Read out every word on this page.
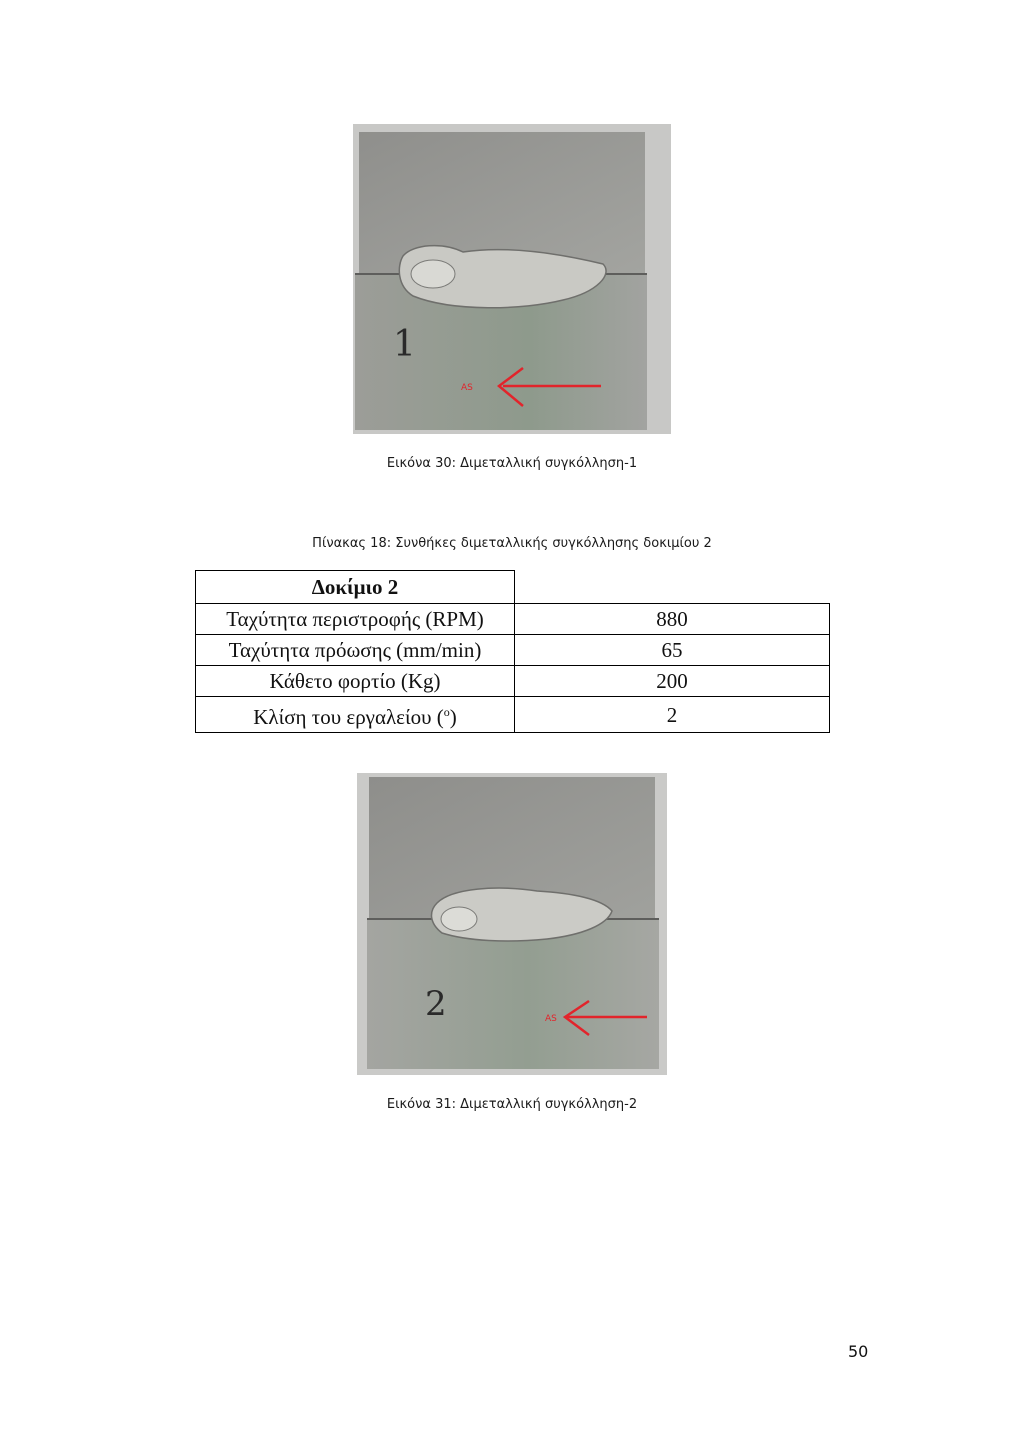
1
AS
Εικόνα 30: Διμεταλλική συγκόλληση-1
Πίνακας 18: Συνθήκες διμεταλλικής συγκόλλησης δοκιμίου 2
Δοκίμιο 2	
Ταχύτητα περιστροφής (RPM)	880
Ταχύτητα πρόωσης (mm/min)	65
Κάθετο φορτίο (Kg)	200
Κλίση του εργαλείου ($^o$)	2
2	AS
Εικόνα 31: Διμεταλλική συγκόλληση-2
50
